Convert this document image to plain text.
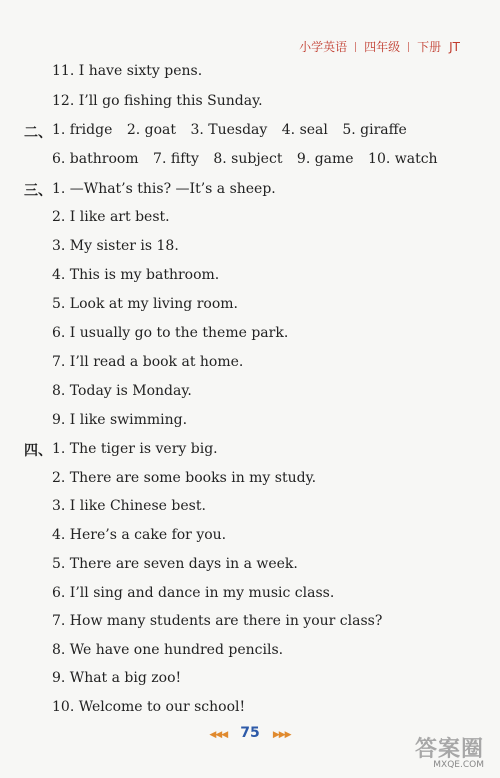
小学英语 四年级 下册 JT
11. I have sixty pens.
12. I’ll go fishing this Sunday.
二、 1. fridge 2. goat 3. Tuesday 4. seal 5. giraffe
6. bathroom 7. fifty 8. subject 9. game 10. watch
三、 1. —What’s this? —It’s a sheep.
2. I like art best.
3. My sister is 18.
4. This is my bathroom.
5. Look at my living room.
6. I usually go to the theme park.
7. I’ll read a book at home.
8. Today is Monday.
9. I like swimming.
四、 1. The tiger is very big.
2. There are some books in my study.
3. I like Chinese best.
4. Here’s a cake for you.
5. There are seven days in a week.
6. I’ll sing and dance in my music class.
7. How many students are there in your class?
8. We have one hundred pencils.
9. What a big zoo!
10. Welcome to our school!
◀◀◀ 75 ▶▶▶
答案圈
MXQE.COM
